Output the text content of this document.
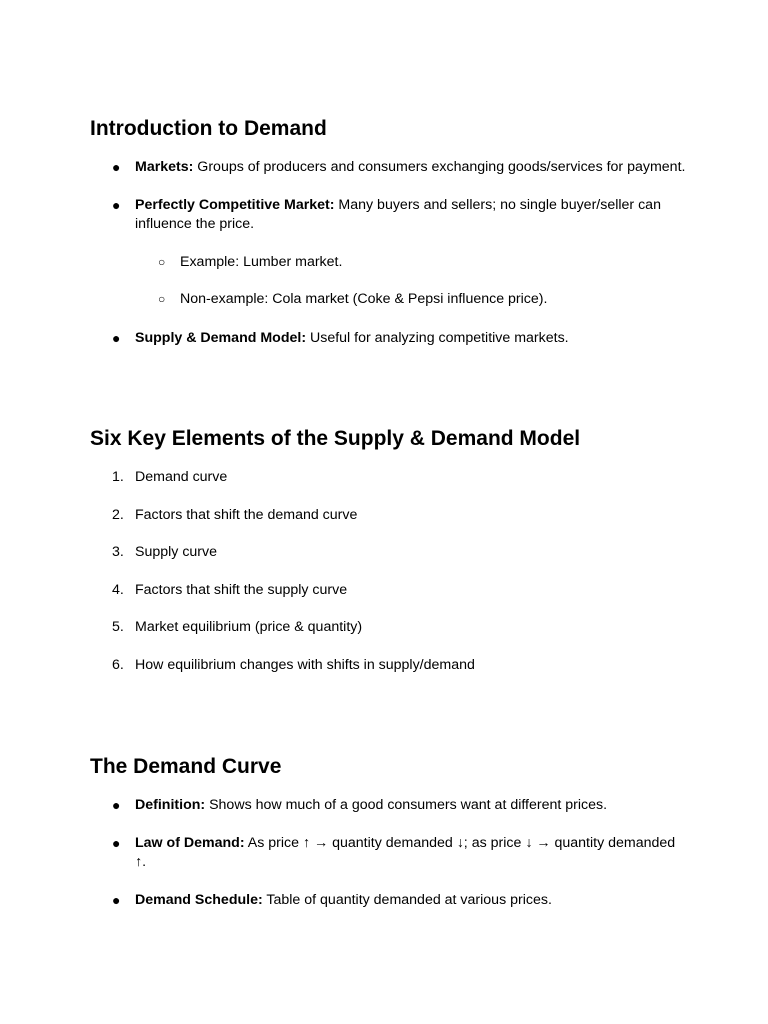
Introduction to Demand
●	Markets: Groups of producers and consumers exchanging goods/services for payment.
●	Perfectly Competitive Market: Many buyers and sellers; no single buyer/seller can influence the price.
○	Example: Lumber market.
○	Non-example: Cola market (Coke & Pepsi influence price).
●	Supply & Demand Model: Useful for analyzing competitive markets.
Six Key Elements of the Supply & Demand Model
1. Demand curve
2. Factors that shift the demand curve
3. Supply curve
4. Factors that shift the supply curve
5. Market equilibrium (price & quantity)
6. How equilibrium changes with shifts in supply/demand
The Demand Curve
●	Definition: Shows how much of a good consumers want at different prices.
●	Law of Demand: As price ↑ → quantity demanded ↓; as price ↓ → quantity demanded ↑.
●	Demand Schedule: Table of quantity demanded at various prices.
